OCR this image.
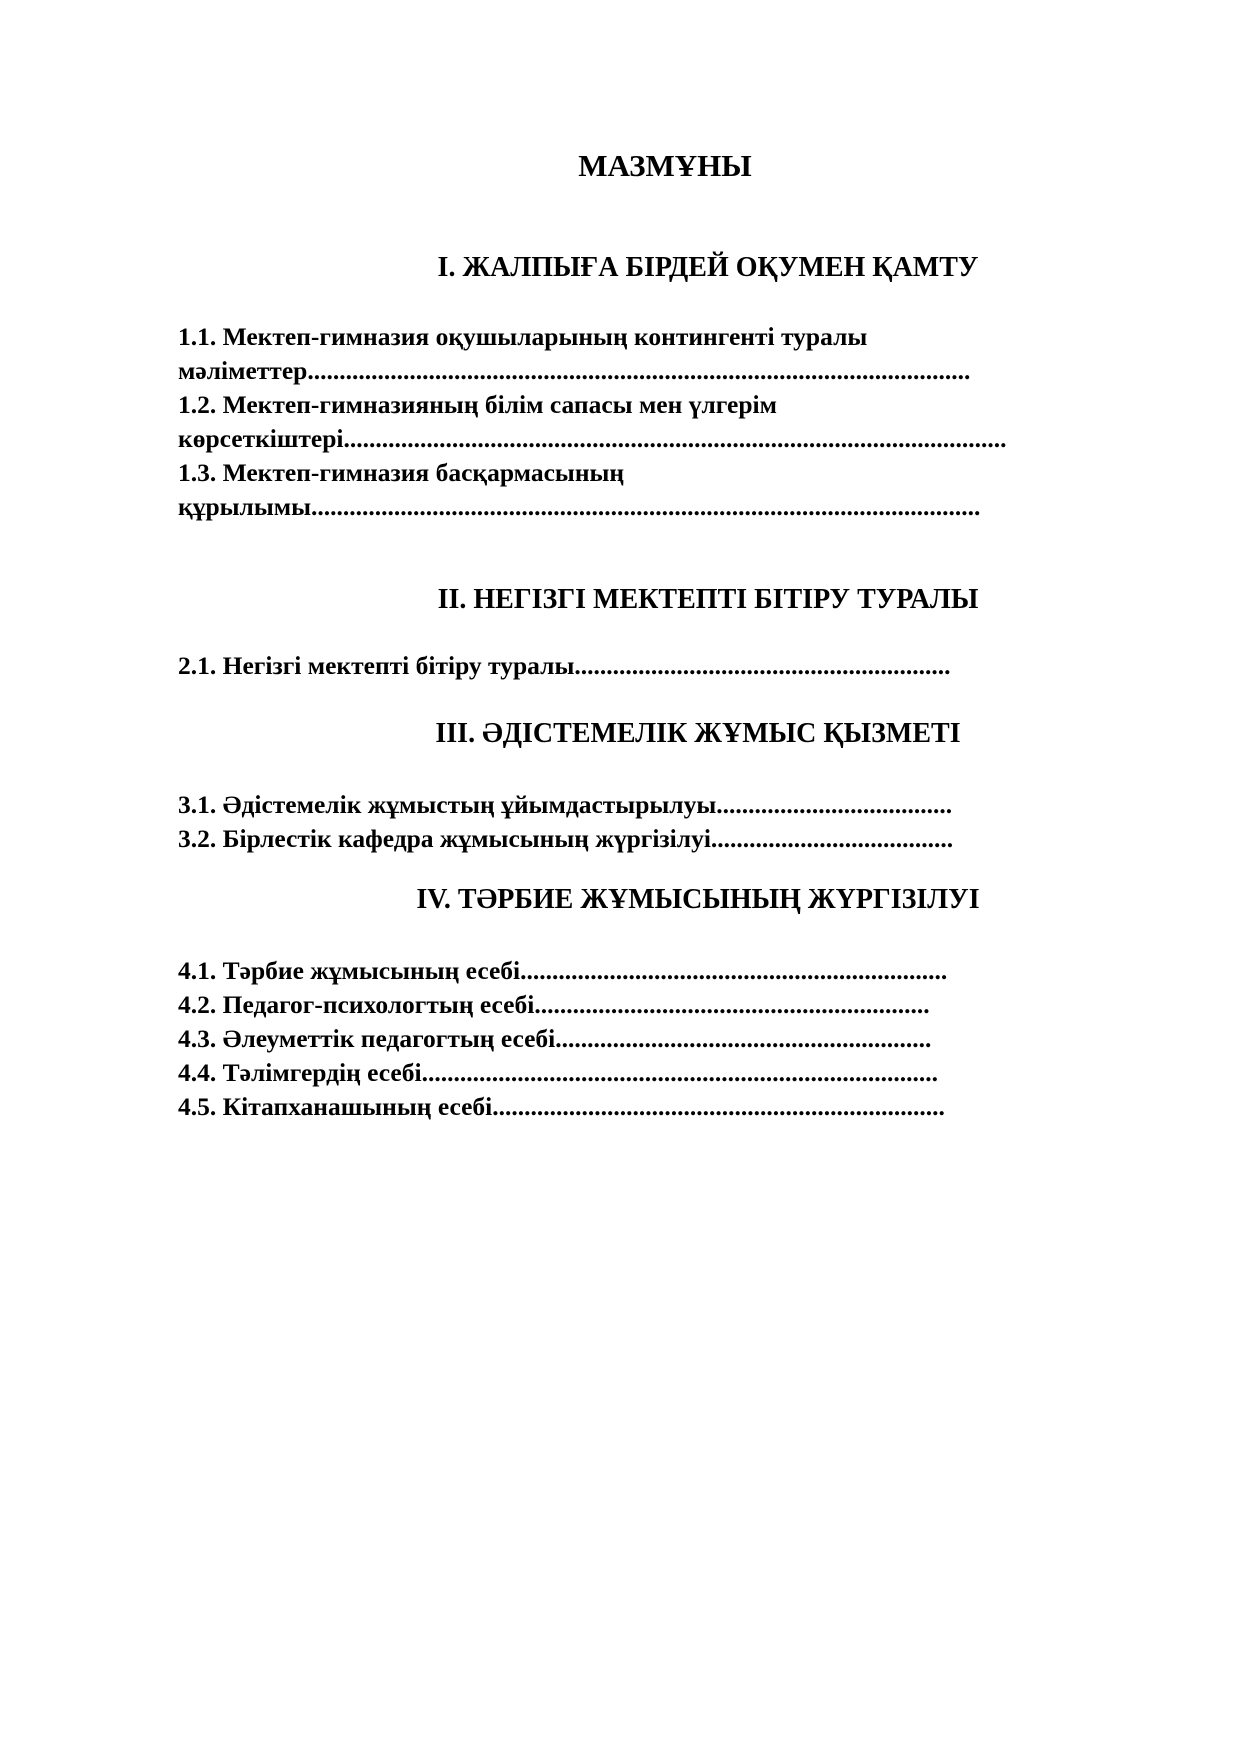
МАЗМҰНЫ
І. ЖАЛПЫҒА БІРДЕЙ ОҚУМЕН ҚАМТУ
1.1. Мектеп-гимназия оқушыларының контингенті туралы
мәліметтер........................................................................................................
1.2. Мектеп-гимназияның білім сапасы мен үлгерім
көрсеткіштері........................................................................................................
1.3. Мектеп-гимназия басқармасының
құрылымы.........................................................................................................
ІІ. НЕГІЗГІ МЕКТЕПТІ БІТІРУ ТУРАЛЫ
2.1. Негізгі мектепті бітіру туралы...........................................................
ІІІ. ӘДІСТЕМЕЛІК ЖҰМЫС ҚЫЗМЕТІ
3.1. Әдістемелік жұмыстың ұйымдастырылуы.....................................
3.2. Бірлестік кафедра жұмысының жүргізілуі......................................
IV. ТӘРБИЕ ЖҰМЫСЫНЫҢ ЖҮРГІЗІЛУІ
4.1. Тәрбие жұмысының есебі...................................................................
4.2. Педагог-психологтың есебі..............................................................
4.3. Әлеуметтік педагогтың есебі...........................................................
4.4. Тәлімгердің есебі.................................................................................
4.5. Кітапханашының есебі.......................................................................
